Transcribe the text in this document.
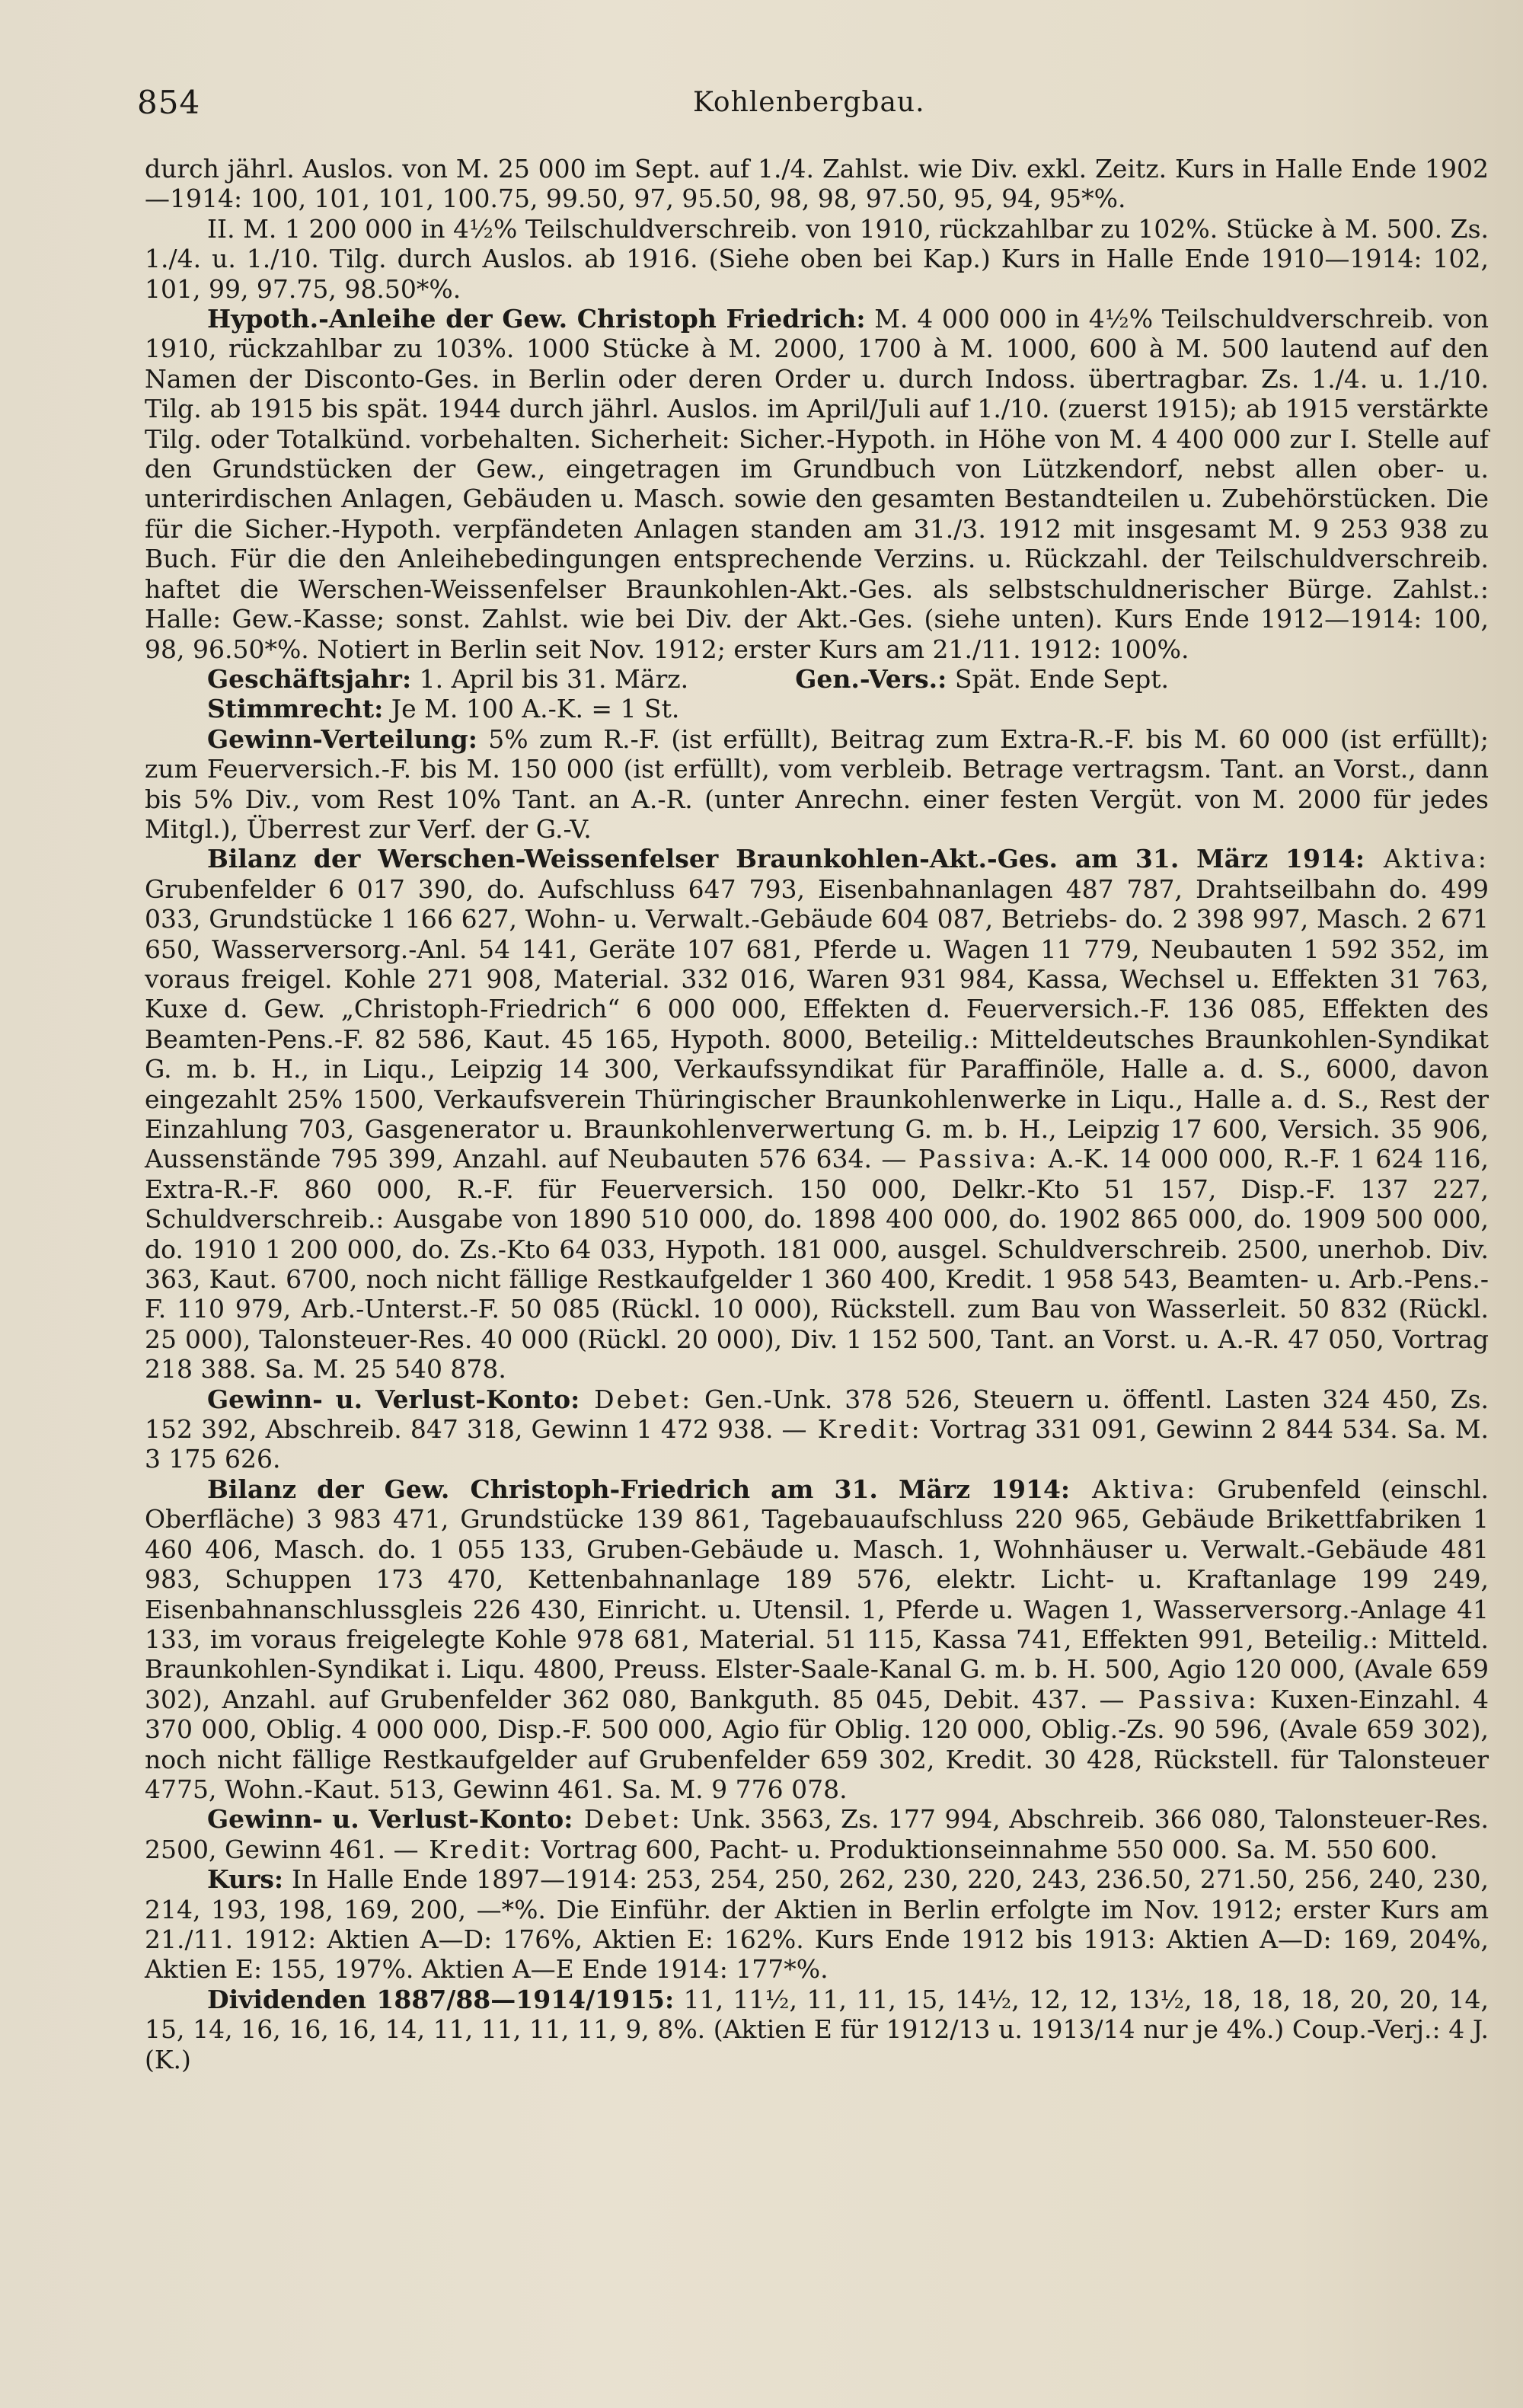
854	Kohlenbergbau.

durch jährl. Auslos. von M. 25 000 im Sept. auf 1./4. Zahlst. wie Div. exkl. Zeitz. Kurs in Halle Ende 1902—1914: 100, 101, 101, 100.75, 99.50, 97, 95.50, 98, 98, 97.50, 95, 94, 95*%.

II. M. 1 200 000 in 4½% Teilschuldverschreib. von 1910, rückzahlbar zu 102%. Stücke à M. 500. Zs. 1./4. u. 1./10. Tilg. durch Auslos. ab 1916. (Siehe oben bei Kap.) Kurs in Halle Ende 1910—1914: 102, 101, 99, 97.75, 98.50*%.

Hypoth.-Anleihe der Gew. Christoph Friedrich: M. 4 000 000 in 4½% Teilschuldverschreib. von 1910, rückzahlbar zu 103%. 1000 Stücke à M. 2000, 1700 à M. 1000, 600 à M. 500 lautend auf den Namen der Disconto-Ges. in Berlin oder deren Order u. durch Indoss. übertragbar. Zs. 1./4. u. 1./10. Tilg. ab 1915 bis spät. 1944 durch jährl. Auslos. im April/Juli auf 1./10. (zuerst 1915); ab 1915 verstärkte Tilg. oder Totalkünd. vorbehalten. Sicherheit: Sicher.-Hypoth. in Höhe von M. 4 400 000 zur I. Stelle auf den Grundstücken der Gew., eingetragen im Grundbuch von Lützkendorf, nebst allen ober- u. unterirdischen Anlagen, Gebäuden u. Masch. sowie den gesamten Bestandteilen u. Zubehörstücken. Die für die Sicher.-Hypoth. verpfändeten Anlagen standen am 31./3. 1912 mit insgesamt M. 9 253 938 zu Buch. Für die den Anleihebedingungen entsprechende Verzins. u. Rückzahl. der Teilschuldverschreib. haftet die Werschen-Weissenfelser Braunkohlen-Akt.-Ges. als selbstschuldnerischer Bürge. Zahlst.: Halle: Gew.-Kasse; sonst. Zahlst. wie bei Div. der Akt.-Ges. (siehe unten). Kurs Ende 1912—1914: 100, 98, 96.50*%. Notiert in Berlin seit Nov. 1912; erster Kurs am 21./11. 1912: 100%.

Geschäftsjahr: 1. April bis 31. März.	Gen.-Vers.: Spät. Ende Sept.

Stimmrecht: Je M. 100 A.-K. = 1 St.

Gewinn-Verteilung: 5% zum R.-F. (ist erfüllt), Beitrag zum Extra-R.-F. bis M. 60 000 (ist erfüllt); zum Feuerversich.-F. bis M. 150 000 (ist erfüllt), vom verbleib. Betrage vertragsm. Tant. an Vorst., dann bis 5% Div., vom Rest 10% Tant. an A.-R. (unter Anrechn. einer festen Vergüt. von M. 2000 für jedes Mitgl.), Überrest zur Verf. der G.-V.

Bilanz der Werschen-Weissenfelser Braunkohlen-Akt.-Ges. am 31. März 1914: Aktiva: Grubenfelder 6 017 390, do. Aufschluss 647 793, Eisenbahnanlagen 487 787, Drahtseilbahn do. 499 033, Grundstücke 1 166 627, Wohn- u. Verwalt.-Gebäude 604 087, Betriebs- do. 2 398 997, Masch. 2 671 650, Wasserversorg.-Anl. 54 141, Geräte 107 681, Pferde u. Wagen 11 779, Neubauten 1 592 352, im voraus freigel. Kohle 271 908, Material. 332 016, Waren 931 984, Kassa, Wechsel u. Effekten 31 763, Kuxe d. Gew. „Christoph-Friedrich“ 6 000 000, Effekten d. Feuerversich.-F. 136 085, Effekten des Beamten-Pens.-F. 82 586, Kaut. 45 165, Hypoth. 8000, Beteilig.: Mitteldeutsches Braunkohlen-Syndikat G. m. b. H., in Liqu., Leipzig 14 300, Verkaufssyndikat für Paraffinöle, Halle a. d. S., 6000, davon eingezahlt 25% 1500, Verkaufsverein Thüringischer Braunkohlenwerke in Liqu., Halle a. d. S., Rest der Einzahlung 703, Gasgenerator u. Braunkohlenverwertung G. m. b. H., Leipzig 17 600, Versich. 35 906, Aussenstände 795 399, Anzahl. auf Neubauten 576 634. — Passiva: A.-K. 14 000 000, R.-F. 1 624 116, Extra-R.-F. 860 000, R.-F. für Feuerversich. 150 000, Delkr.-Kto 51 157, Disp.-F. 137 227, Schuldverschreib.: Ausgabe von 1890 510 000, do. 1898 400 000, do. 1902 865 000, do. 1909 500 000, do. 1910 1 200 000, do. Zs.-Kto 64 033, Hypoth. 181 000, ausgel. Schuldverschreib. 2500, unerhob. Div. 363, Kaut. 6700, noch nicht fällige Restkaufgelder 1 360 400, Kredit. 1 958 543, Beamten- u. Arb.-Pens.-F. 110 979, Arb.-Unterst.-F. 50 085 (Rückl. 10 000), Rückstell. zum Bau von Wasserleit. 50 832 (Rückl. 25 000), Talonsteuer-Res. 40 000 (Rückl. 20 000), Div. 1 152 500, Tant. an Vorst. u. A.-R. 47 050, Vortrag 218 388. Sa. M. 25 540 878.

Gewinn- u. Verlust-Konto: Debet: Gen.-Unk. 378 526, Steuern u. öffentl. Lasten 324 450, Zs. 152 392, Abschreib. 847 318, Gewinn 1 472 938. — Kredit: Vortrag 331 091, Gewinn 2 844 534. Sa. M. 3 175 626.

Bilanz der Gew. Christoph-Friedrich am 31. März 1914: Aktiva: Grubenfeld (einschl. Oberfläche) 3 983 471, Grundstücke 139 861, Tagebauaufschluss 220 965, Gebäude Brikettfabriken 1 460 406, Masch. do. 1 055 133, Gruben-Gebäude u. Masch. 1, Wohnhäuser u. Verwalt.-Gebäude 481 983, Schuppen 173 470, Kettenbahnanlage 189 576, elektr. Licht- u. Kraftanlage 199 249, Eisenbahnanschlussgleis 226 430, Einricht. u. Utensil. 1, Pferde u. Wagen 1, Wasserversorg.-Anlage 41 133, im voraus freigelegte Kohle 978 681, Material. 51 115, Kassa 741, Effekten 991, Beteilig.: Mitteld. Braunkohlen-Syndikat i. Liqu. 4800, Preuss. Elster-Saale-Kanal G. m. b. H. 500, Agio 120 000, (Avale 659 302), Anzahl. auf Grubenfelder 362 080, Bankguth. 85 045, Debit. 437. — Passiva: Kuxen-Einzahl. 4 370 000, Oblig. 4 000 000, Disp.-F. 500 000, Agio für Oblig. 120 000, Oblig.-Zs. 90 596, (Avale 659 302), noch nicht fällige Restkaufgelder auf Grubenfelder 659 302, Kredit. 30 428, Rückstell. für Talonsteuer 4775, Wohn.-Kaut. 513, Gewinn 461. Sa. M. 9 776 078.

Gewinn- u. Verlust-Konto: Debet: Unk. 3563, Zs. 177 994, Abschreib. 366 080, Talonsteuer-Res. 2500, Gewinn 461. — Kredit: Vortrag 600, Pacht- u. Produktionseinnahme 550 000. Sa. M. 550 600.

Kurs: In Halle Ende 1897—1914: 253, 254, 250, 262, 230, 220, 243, 236.50, 271.50, 256, 240, 230, 214, 193, 198, 169, 200, —*%. Die Einführ. der Aktien in Berlin erfolgte im Nov. 1912; erster Kurs am 21./11. 1912: Aktien A—D: 176%, Aktien E: 162%. Kurs Ende 1912 bis 1913: Aktien A—D: 169, 204%, Aktien E: 155, 197%. Aktien A—E Ende 1914: 177*%.

Dividenden 1887/88—1914/1915: 11, 11½, 11, 11, 15, 14½, 12, 12, 13½, 18, 18, 18, 20, 20, 14, 15, 14, 16, 16, 16, 14, 11, 11, 11, 11, 9, 8%. (Aktien E für 1912/13 u. 1913/14 nur je 4%.) Coup.-Verj.: 4 J. (K.)
